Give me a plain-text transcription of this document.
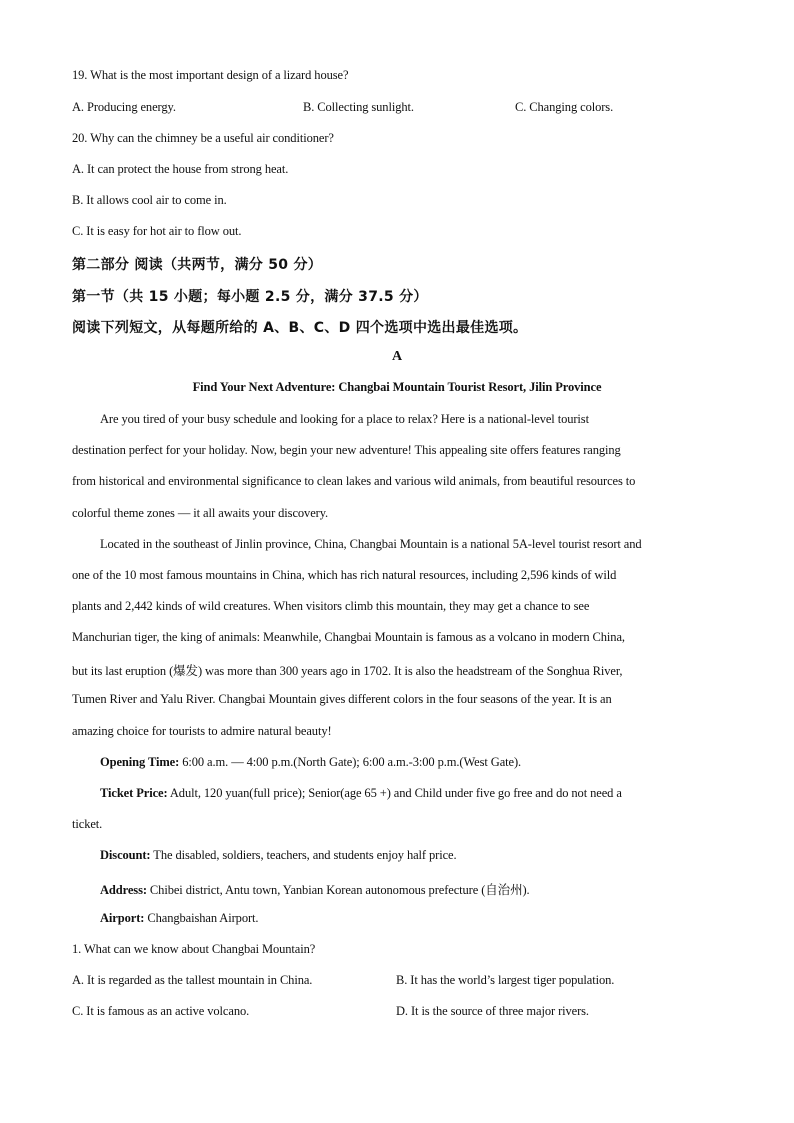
19. What is the most important design of a lizard house?
A. Producing energy.	B. Collecting sunlight.	C. Changing colors.
20. Why can the chimney be a useful air conditioner?
A. It can protect the house from strong heat.
B. It allows cool air to come in.
C. It is easy for hot air to flow out.
第二部分 阅读（共两节，满分 50 分）
第一节（共 15 小题；每小题 2.5 分，满分 37.5 分）
阅读下列短文，从每题所给的 A、B、C、D 四个选项中选出最佳选项。
A
Find Your Next Adventure: Changbai Mountain Tourist Resort, Jilin Province
Are you tired of your busy schedule and looking for a place to relax? Here is a national-level tourist
destination perfect for your holiday. Now, begin your new adventure! This appealing site offers features ranging
from historical and environmental significance to clean lakes and various wild animals, from beautiful resources to
colorful theme zones — it all awaits your discovery.
Located in the southeast of Jinlin province, China, Changbai Mountain is a national 5A-level tourist resort and
one of the 10 most famous mountains in China, which has rich natural resources, including 2,596 kinds of wild
plants and 2,442 kinds of wild creatures. When visitors climb this mountain, they may get a chance to see
Manchurian tiger, the king of animals: Meanwhile, Changbai Mountain is famous as a volcano in modern China,
but its last eruption (爆发) was more than 300 years ago in 1702. It is also the headstream of the Songhua River,
Tumen River and Yalu River. Changbai Mountain gives different colors in the four seasons of the year. It is an
amazing choice for tourists to admire natural beauty!
Opening Time: 6:00 a.m. — 4:00 p.m.(North Gate); 6:00 a.m.-3:00 p.m.(West Gate).
Ticket Price: Adult, 120 yuan(full price); Senior(age 65 +) and Child under five go free and do not need a
ticket.
Discount: The disabled, soldiers, teachers, and students enjoy half price.
Address: Chibei district, Antu town, Yanbian Korean autonomous prefecture (自治州).
Airport: Changbaishan Airport.
1. What can we know about Changbai Mountain?
A. It is regarded as the tallest mountain in China.	B. It has the world’s largest tiger population.
C. It is famous as an active volcano.	D. It is the source of three major rivers.
